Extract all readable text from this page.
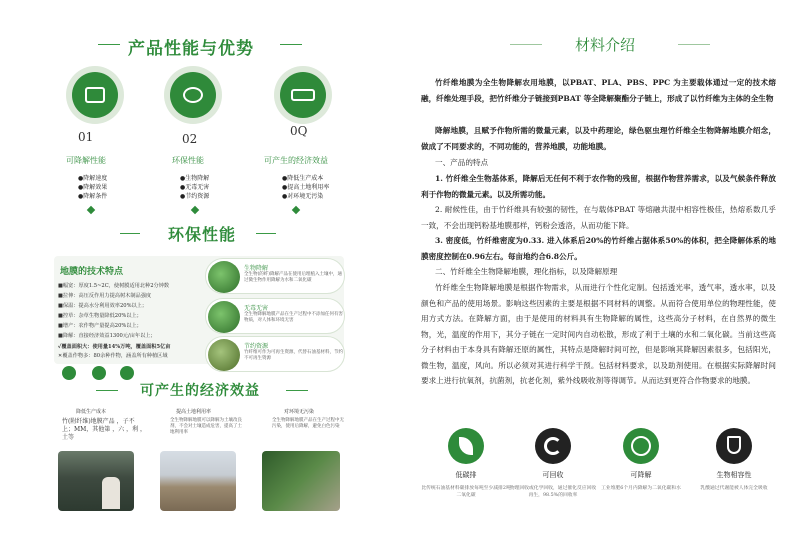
产品性能与优势
01	02
0Q
可降解性能	环保性能	可产生的经济效益
●降解速度
●降解效果
●降解条件
●生物降解
●无毒无害
●节约资源
●降低生产成本
●提高土地利用率
●对环境无污染
环保性能
地膜的技术特点
■幅宽：厚度1.5~2C，使树膜适用北种2分钟数
■拉伸：高压反作用力提高树木制品强度
■保温：提高水分利用效率20%以上；
■控草：杂草生物量降低20%以上；
■增产：农作物产量提高20%以上；
■降解：直接经济效益1300元/亩年以上；
✓覆盖面积大：使用量14%万吨，覆盖面积5亿亩
✕覆盖作物多：80余种作物，涵盖所有种植区域
生物降解
全生物(的纤)降解产品在使用后埋植入土壤中，通过微生物作用降解为水和二氧化碳
无毒无害
全生物降解地膜产品在生产过程中不添加任何有害物质，对人体和环境无害
节约资源
竹纤维可作为可再生资源，代替石油基材料，节约不可再生资源
可产生的经济效益
降低生产成本
竹(附纤维)地膜产品 ，子不上；MM，其他第 ，六 ，利 ，土等
提高土地利用率
全生物降解地膜可以降解为土壤改良剂，不会对土壤造成危害，提高了土地利用率
对环境无污染
全生物降解地膜产品在生产过程中无污染，使用后降解，避免白色污染
材料介绍
竹纤维地膜为全生物降解农用地膜，以PBAT、PLA、PBS、PPC 为主要载体通过一定的技术熔融，纤维处理手段，把竹纤维分子链接到PBAT 等全降解聚酯分子链上，形成了以竹纤维为主体的全生物
降解地膜，且赋予作物所需的微量元素，以及中药理论，绿色驱虫理竹纤维全生物降解地膜介绍念，做成了不同要求的，不同功能的，营养地膜，功能地膜。
一、产品的特点
1. 竹纤维全生物基体系，降解后无任何不利于农作物的残留，根据作物营养需求，以及气候条件释放利于作物的微量元素。以及所需功能。
2. 耐候性佳，由于竹纤维具有较强的韧性，在与载体PBAT 等熔融共混中相容性极佳，热熔系数几乎一致，不会出现钙粉基地膜那样，钙粉会透洛，从而功能下降。
3. 密度低，竹纤维密度为0.33. 进入体系后20%的竹纤维占据体系50%的体积，把全降解体系的地膜密度控制在0.96左右。每亩地约合6.8公斤。
二、竹纤维全生物降解地膜，理化指标，以及降解原理
竹纤维全生物降解地膜是根据作物需求，从而进行个性化定制。包括透光率，透气率，透水率，以及颜色和产品的使用场景。影响这些因素的主要是根据不同材料的调整。从而符合使用单位的物理性能，使用方式方法。在降解方面，由于是使用的材料具有生物降解的属性，这些高分子材料，在自然界的微生物，光，温度的作用下，其分子链在一定时间内自动松散，形成了利于土壤的水和二氧化碳。当前这些高分子材料由于本身具有降解还原的属性，其特点是降解时间可控，但是影响其降解因素很多，包括阳光，微生物，温度，风向。所以必须对其进行科学干预。包括材料要求，以及助剂使用。在根据实际降解时间要求上进行抗氧剂，抗菌剂，抗老化剂，紫外线吸收剂等得调节。从而达到更符合作物要求的地膜。
低碳排	可回收	可降解	生物相容性
比传统石油基材料碳排放每吨至少减排2吨二氧化碳
物理回收或化学回收，通过催化反应回收再生，98.5%的回收率
工业堆肥6个月内降解为二氧化碳和水	乳酸通过代谢能被人体完全吸收
